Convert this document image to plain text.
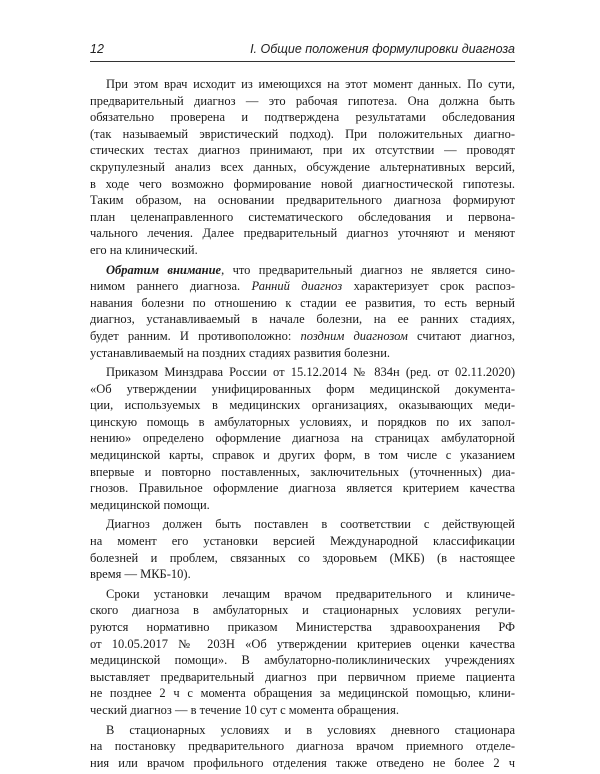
12	I. Общие положения формулировки диагноза
При этом врач исходит из имеющихся на этот момент данных. По сути,
предварительный диагноз — это рабочая гипотеза. Она должна быть
обязательно проверена и подтверждена результатами обследования
(так называемый эвристический подход). При положительных диагно-
стических тестах диагноз принимают, при их отсутствии — проводят
скрупулезный анализ всех данных, обсуждение альтернативных версий,
в ходе чего возможно формирование новой диагностической гипотезы.
Таким образом, на основании предварительного диагноза формируют
план целенаправленного систематического обследования и первона-
чального лечения. Далее предварительный диагноз уточняют и меняют
его на клинический.
Обратим внимание, что предварительный диагноз не является сино-
нимом раннего диагноза. Ранний диагноз характеризует срок распоз-
навания болезни по отношению к стадии ее развития, то есть верный
диагноз, устанавливаемый в начале болезни, на ее ранних стадиях,
будет ранним. И противоположно: поздним диагнозом считают диагноз,
устанавливаемый на поздних стадиях развития болезни.
Приказом Минздрава России от 15.12.2014 № 834н (ред. от 02.11.2020)
«Об утверждении унифицированных форм медицинской документа-
ции, используемых в медицинских организациях, оказывающих меди-
цинскую помощь в амбулаторных условиях, и порядков по их запол-
нению» определено оформление диагноза на страницах амбулаторной
медицинской карты, справок и других форм, в том числе с указанием
впервые и повторно поставленных, заключительных (уточненных) диа-
гнозов. Правильное оформление диагноза является критерием качества
медицинской помощи.
Диагноз должен быть поставлен в соответствии с действующей
на момент его установки версией Международной классификации
болезней и проблем, связанных со здоровьем (МКБ) (в настоящее
время — МКБ-10).
Сроки установки лечащим врачом предварительного и клиниче-
ского диагноза в амбулаторных и стационарных условиях регули-
руются нормативно приказом Министерства здравоохранения РФ
от 10.05.2017 № 203Н «Об утверждении критериев оценки качества
медицинской помощи». В амбулаторно-поликлинических учреждениях
выставляет предварительный диагноз при первичном приеме пациента
не позднее 2 ч с момента обращения за медицинской помощью, клини-
ческий диагноз — в течение 10 сут с момента обращения.
В стационарных условиях и в условиях дневного стационара
на постановку предварительного диагноза врачом приемного отделе-
ния или врачом профильного отделения также отведено не более 2 ч
